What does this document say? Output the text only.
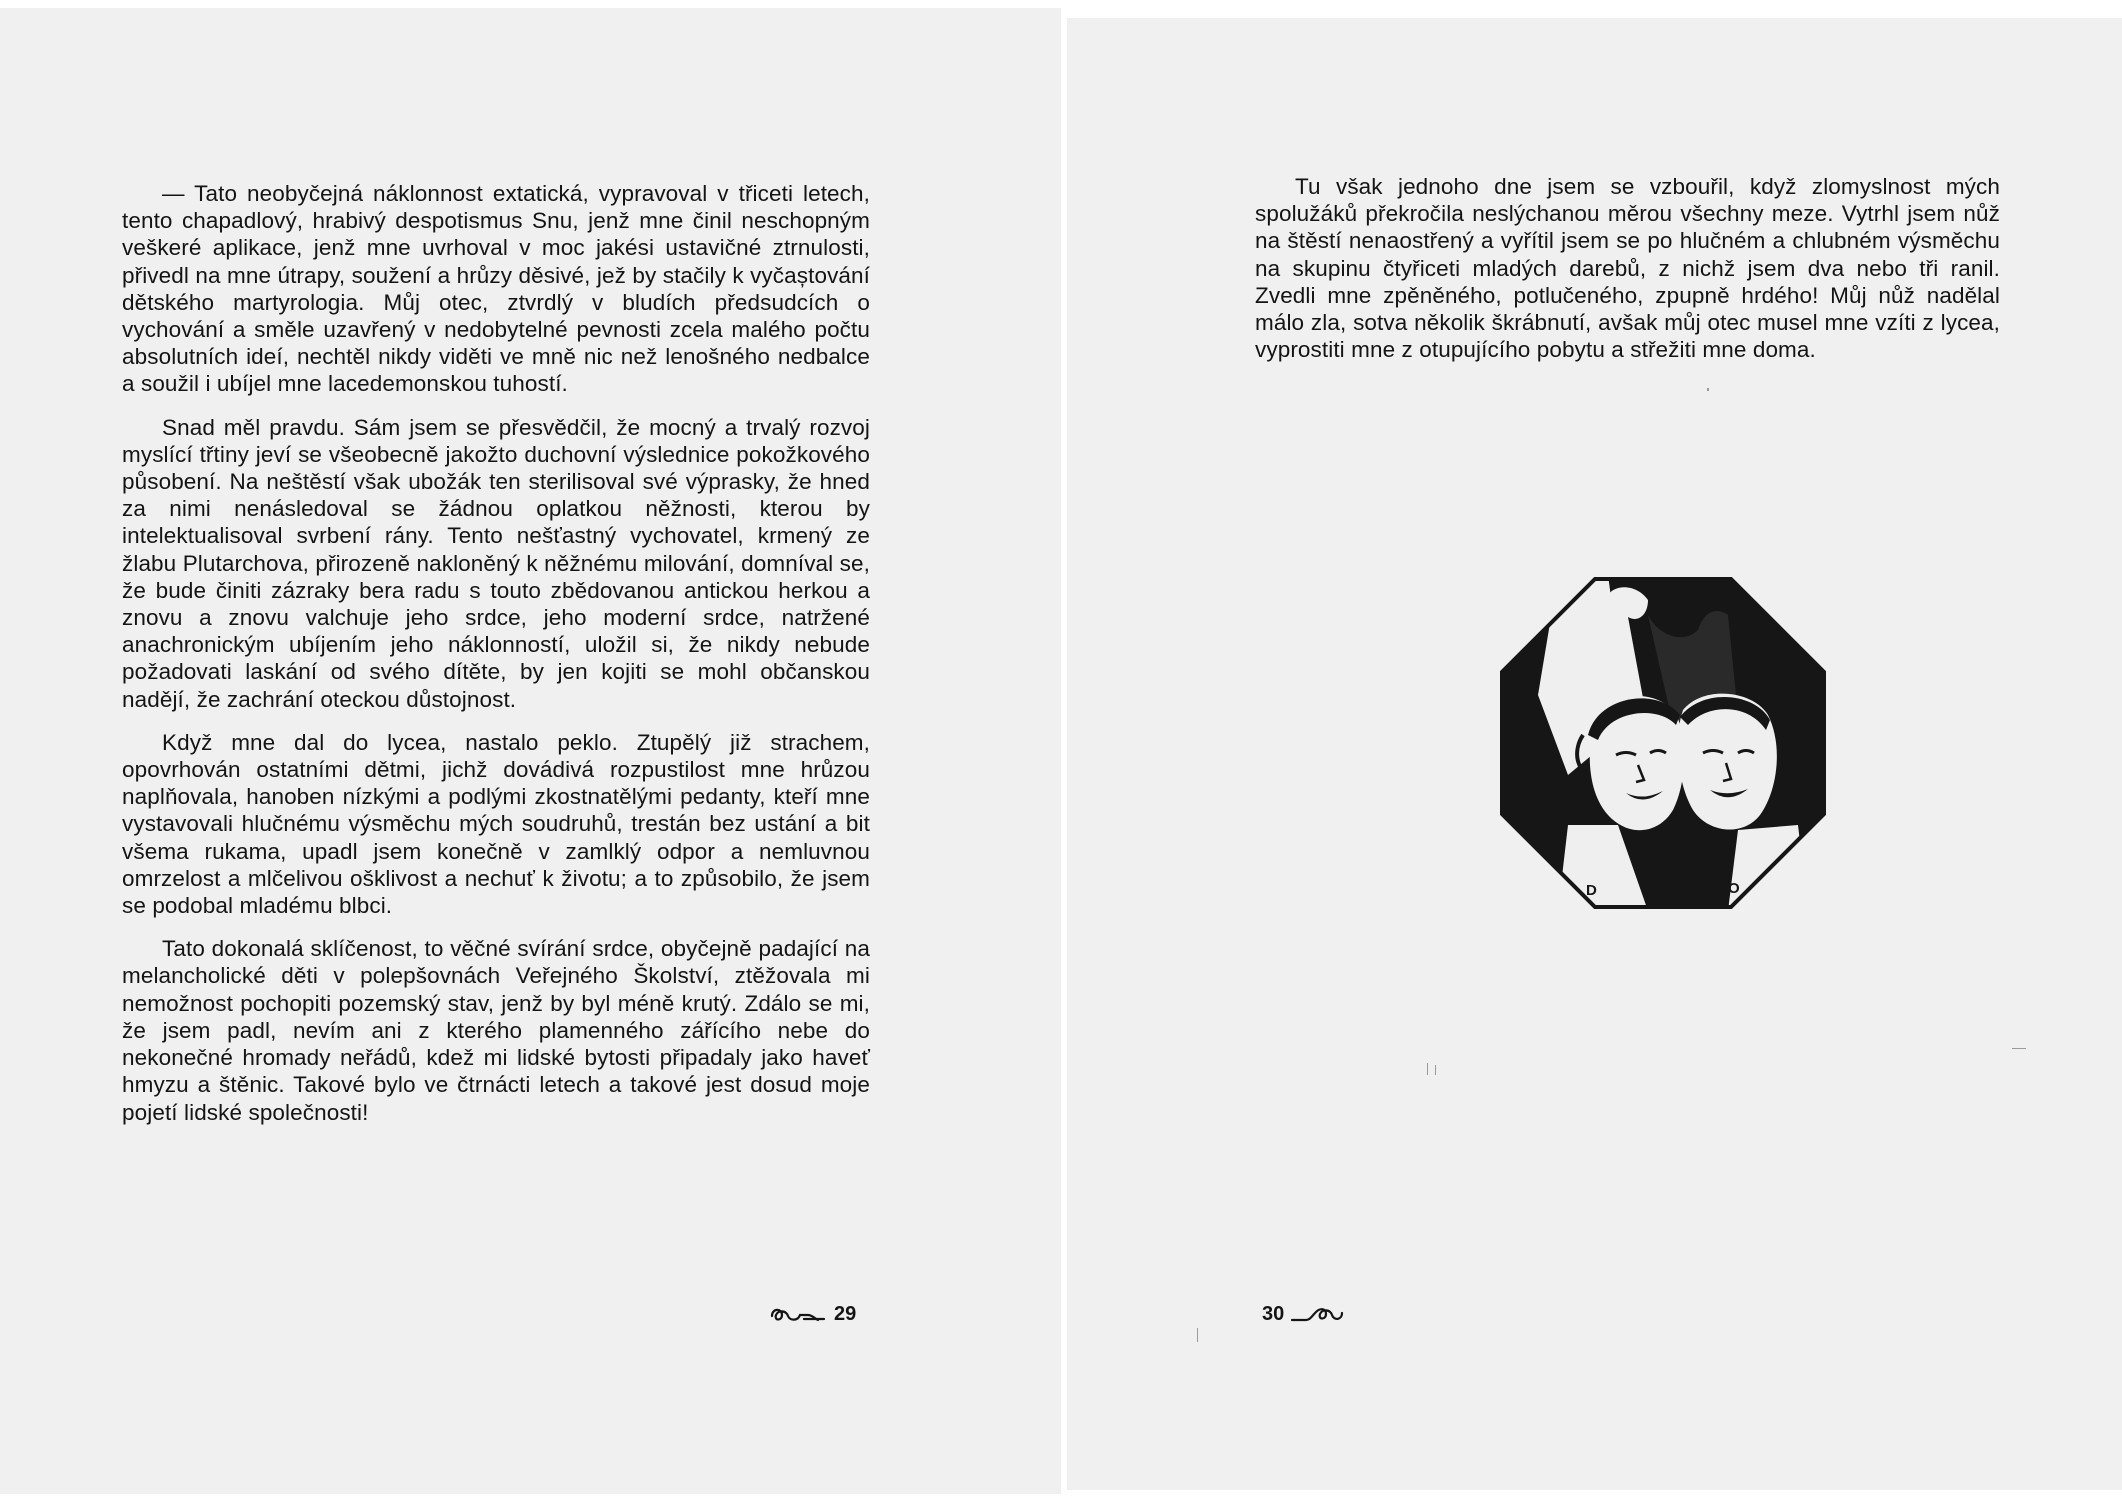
— Tato neobyčejná náklonnost extatická, vypravoval v třiceti letech, tento chapadlový, hrabivý despotismus Snu, jenž mne činil neschopným veškeré aplikace, jenž mne uvrhoval v moc jakési ustavičné ztrnulosti, přivedl na mne útrapy, soužení a hrůzy děsivé, jež by stačily k vyčaștování dětského martyrologia. Můj otec, ztvrdlý v bludích předsudcích o vychování a směle uzavřený v nedobytelné pevnosti zcela malého počtu absolutních ideí, nechtěl nikdy viděti ve mně nic než lenošného nedbalce a soužil i ubíjel mne lacedemonskou tuhostí.

Snad měl pravdu. Sám jsem se přesvědčil, že mocný a trvalý rozvoj myslící třtiny jeví se všeobecně jakožto duchovní výslednice pokožkového působení. Na neštěstí však ubožák ten sterilisoval své výprasky, že hned za nimi nenásledoval se žádnou oplatkou něžnosti, kterou by intelektualisoval svrbení rány. Tento nešťastný vychovatel, krmený ze žlabu Plutarchova, přirozeně nakloněný k něžnému milování, domníval se, že bude činiti zázraky bera radu s touto zbědovanou antickou herkou a znovu a znovu valchuje jeho srdce, jeho moderní srdce, natržené anachronickým ubíjením jeho náklonností, uložil si, že nikdy nebude požadovati laskání od svého dítěte, by jen kojiti se mohl občanskou nadějí, že zachrání oteckou důstojnost.

Když mne dal do lycea, nastalo peklo. Ztupělý již strachem, opovrhován ostatními dětmi, jichž dovádivá rozpustilost mne hrůzou naplňovala, hanoben nízkými a podlými zkostnatělými pedanty, kteří mne vystavovali hlučnému výsměchu mých soudruhů, trestán bez ustání a bit všema rukama, upadl jsem konečně v zamlklý odpor a nemluvnou omrzelost a mlčelivou ošklivost a nechuť k životu; a to způsobilo, že jsem se podobal mladému blbci.

Tato dokonalá sklíčenost, to věčné svírání srdce, obyčejně padající na melancholické děti v polepšovnách Veřejného Školství, ztěžovala mi nemožnost pochopiti pozemský stav, jenž by byl méně krutý. Zdálo se mi, že jsem padl, nevím ani z kterého plamenného zářícího nebe do nekonečné hromady neřádů, kdež mi lidské bytosti připadaly jako haveť hmyzu a štěnic. Takové bylo ve čtrnácti letech a takové jest dosud moje pojetí lidské společnosti!

29

Tu však jednoho dne jsem se vzbouřil, když zlomyslnost mých spolužáků překročila neslýchanou měrou všechny meze. Vytrhl jsem nůž na štěstí nenaostřený a vyřítil jsem se po hlučném a chlubném výsměchu na skupinu čtyřiceti mladých darebů, z nichž jsem dva nebo tři ranil. Zvedli mne zpěněného, potlučeného, zpupně hrdého! Můj nůž nadělal málo zla, sotva několik škrábnutí, avšak můj otec musel mne vzíti z lycea, vyprostiti mne z otupujícího pobytu a střežiti mne doma.

D	O
30
